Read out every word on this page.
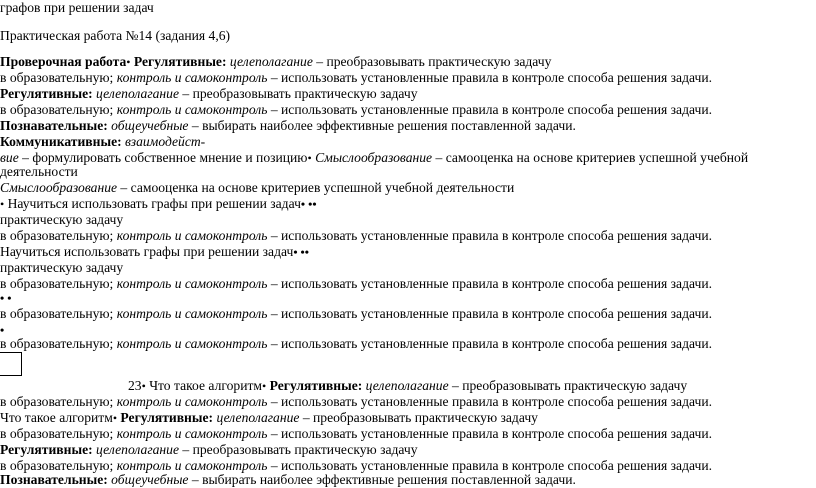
графов при решении задач
Практическая работа №14 (задания 4,6)
Проверочная работа• Регулятивные: целеполагание – преобразовывать практическую задачу
в образовательную; контроль и самоконтроль – использовать установленные правила в контроле способа решения задачи.
Регулятивные: целеполагание – преобразовывать практическую задачу
в образовательную; контроль и самоконтроль – использовать установленные правила в контроле способа решения задачи.
Познавательные: общеучебные – выбирать наиболее эффективные решения поставленной задачи.
Коммуникативные: взаимодейст-
вие – формулировать собственное мнение и позицию• Смыслообразование – самооценка на основе критериев успешной учебной
деятельности
Смыслообразование – самооценка на основе критериев успешной учебной деятельности
• Научиться использовать графы при решении задач• ••
практическую задачу
в образовательную; контроль и самоконтроль – использовать установленные правила в контроле способа решения задачи.
Научиться использовать графы при решении задач• ••
практическую задачу
в образовательную; контроль и самоконтроль – использовать установленные правила в контроле способа решения задачи.
• •
в образовательную; контроль и самоконтроль – использовать установленные правила в контроле способа решения задачи.
•
в образовательную; контроль и самоконтроль – использовать установленные правила в контроле способа решения задачи.
23• Что такое алгоритм• Регулятивные: целеполагание – преобразовывать практическую задачу
в образовательную; контроль и самоконтроль – использовать установленные правила в контроле способа решения задачи.
Что такое алгоритм• Регулятивные: целеполагание – преобразовывать практическую задачу
в образовательную; контроль и самоконтроль – использовать установленные правила в контроле способа решения задачи.
Регулятивные: целеполагание – преобразовывать практическую задачу
в образовательную; контроль и самоконтроль – использовать установленные правила в контроле способа решения задачи.
Познавательные: общеучебные – выбирать наиболее эффективные решения поставленной задачи.
